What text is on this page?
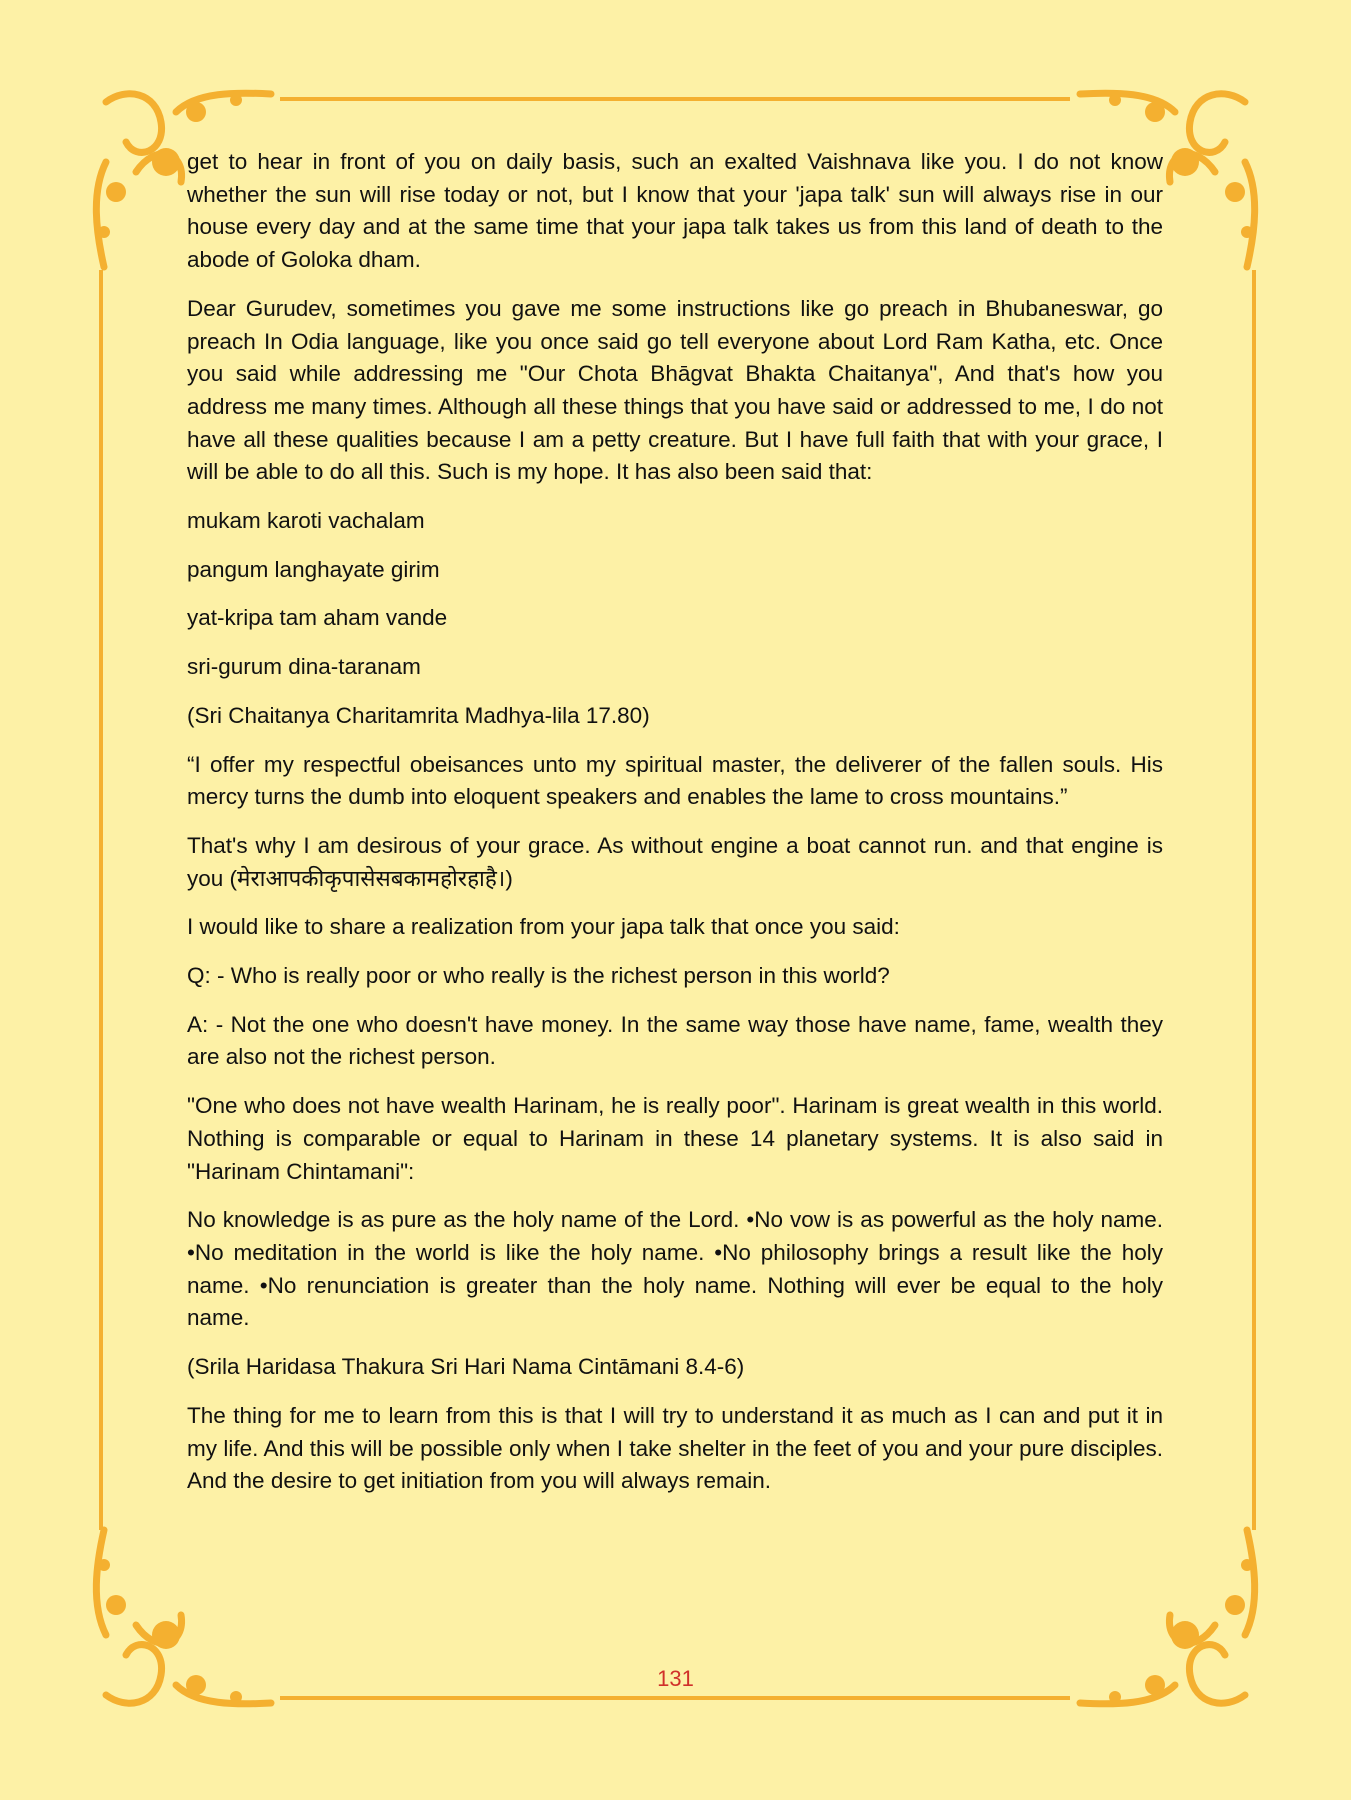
get to hear in front of you on daily basis, such an exalted Vaishnava like you. I do not know whether the sun will rise today or not, but I know that your 'japa talk' sun will always rise in our house every day and at the same time that your japa talk takes us from this land of death to the abode of Goloka dham.

Dear Gurudev, sometimes you gave me some instructions like go preach in Bhubaneswar, go preach In Odia language, like you once said go tell everyone about Lord Ram Katha, etc. Once you said while addressing me "Our Chota Bhāgvat Bhakta Chaitanya", And that's how you address me many times. Although all these things that you have said or addressed to me, I do not have all these qualities because I am a petty creature. But I have full faith that with your grace, I will be able to do all this. Such is my hope. It has also been said that:

mukam karoti vachalam

pangum langhayate girim

yat-kripa tam aham vande

sri-gurum dina-taranam

(Sri Chaitanya Charitamrita Madhya-lila 17.80)

“I offer my respectful obeisances unto my spiritual master, the deliverer of the fallen souls. His mercy turns the dumb into eloquent speakers and enables the lame to cross mountains.”

That's why I am desirous of your grace. As without engine a boat cannot run. and that engine is you (मेराआपकीकृपासेसबकामहोरहाहै।)

I would like to share a realization from your japa talk that once you said:

Q: - Who is really poor or who really is the richest person in this world?

A: - Not the one who doesn't have money. In the same way those have name, fame, wealth they are also not the richest person.

"One who does not have wealth Harinam, he is really poor". Harinam is great wealth in this world. Nothing is comparable or equal to Harinam in these 14 planetary systems. It is also said in "Harinam Chintamani":

No knowledge is as pure as the holy name of the Lord. •No vow is as powerful as the holy name. •No meditation in the world is like the holy name. •No philosophy brings a result like the holy name. •No renunciation is greater than the holy name. Nothing will ever be equal to the holy name.

(Srila Haridasa Thakura Sri Hari Nama Cintāmani 8.4-6)

The thing for me to learn from this is that I will try to understand it as much as I can and put it in my life. And this will be possible only when I take shelter in the feet of you and your pure disciples. And the desire to get initiation from you will always remain.

131
